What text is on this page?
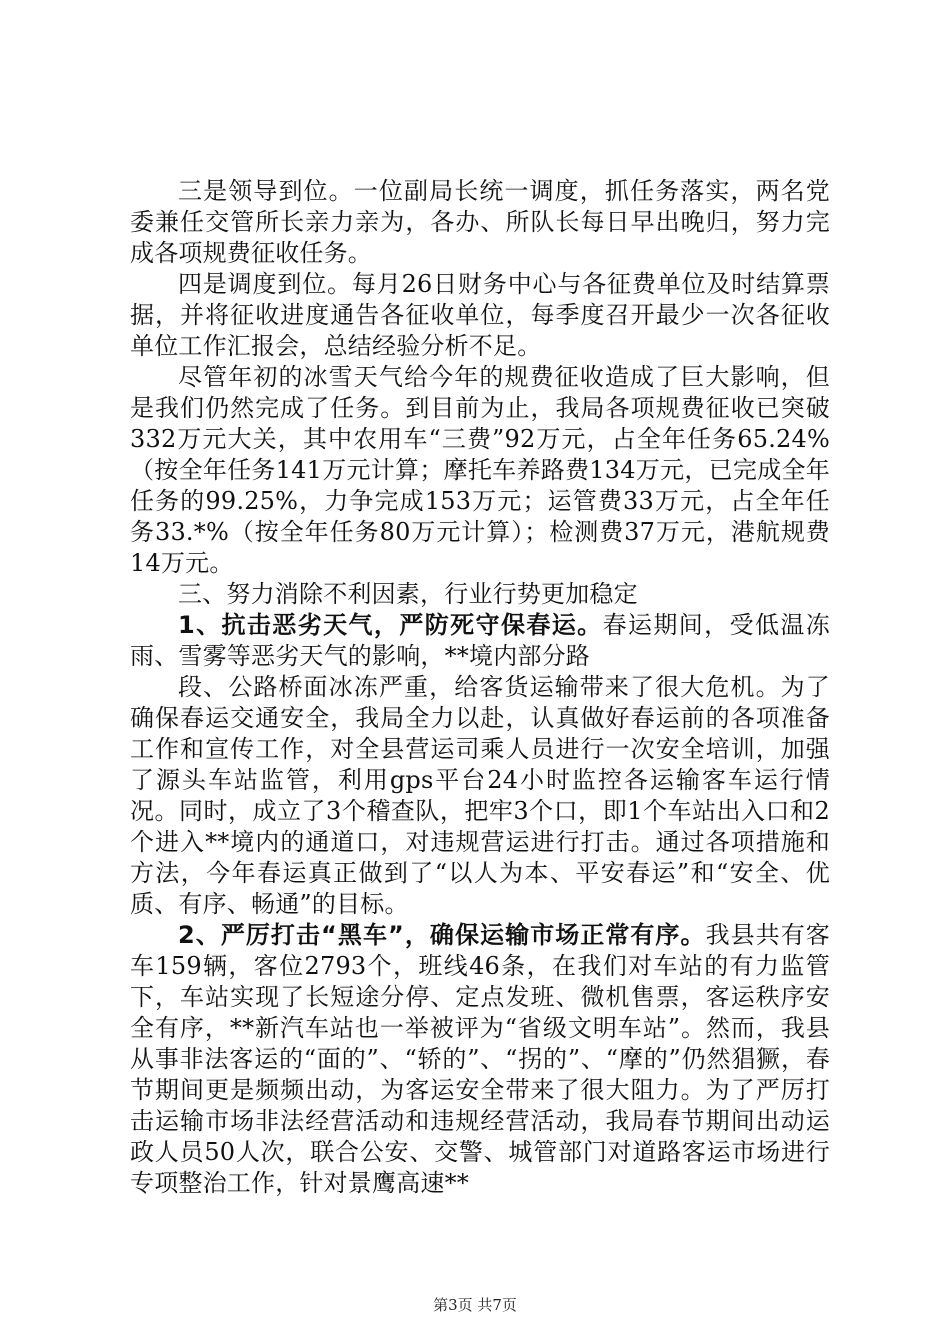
三是领导到位。一位副局长统一调度，抓任务落实，两名党委兼任交管所长亲力亲为，各办、所队长每日早出晚归，努力完成各项规费征收任务。

四是调度到位。每月26日财务中心与各征费单位及时结算票据，并将征收进度通告各征收单位，每季度召开最少一次各征收单位工作汇报会，总结经验分析不足。

尽管年初的冰雪天气给今年的规费征收造成了巨大影响，但是我们仍然完成了任务。到目前为止，我局各项规费征收已突破332万元大关，其中农用车“三费”92万元，占全年任务65.24%（按全年任务141万元计算；摩托车养路费134万元，已完成全年任务的99.25%，力争完成153万元；运管费33万元，占全年任务33.*%（按全年任务80万元计算）；检测费37万元，港航规费14万元。

三、努力消除不利因素，行业行势更加稳定

1、抗击恶劣天气，严防死守保春运。春运期间，受低温冻雨、雪雾等恶劣天气的影响，**境内部分路

段、公路桥面冰冻严重，给客货运输带来了很大危机。为了确保春运交通安全，我局全力以赴，认真做好春运前的各项准备工作和宣传工作，对全县营运司乘人员进行一次安全培训，加强了源头车站监管，利用gps平台24小时监控各运输客车运行情况。同时，成立了3个稽查队，把牢3个口，即1个车站出入口和2个进入**境内的通道口，对违规营运进行打击。通过各项措施和方法，今年春运真正做到了“以人为本、平安春运”和“安全、优质、有序、畅通”的目标。

2、严厉打击“黑车”，确保运输市场正常有序。我县共有客车159辆，客位2793个，班线46条，在我们对车站的有力监管下，车站实现了长短途分停、定点发班、微机售票，客运秩序安全有序，**新汽车站也一举被评为“省级文明车站”。然而，我县从事非法客运的“面的”、“轿的”、“拐的”、“摩的”仍然猖獗，春节期间更是频频出动，为客运安全带来了很大阻力。为了严厉打击运输市场非法经营活动和违规经营活动，我局春节期间出动运政人员50人次，联合公安、交警、城管部门对道路客运市场进行专项整治工作，针对景鹰高速**

第3页 共7页
